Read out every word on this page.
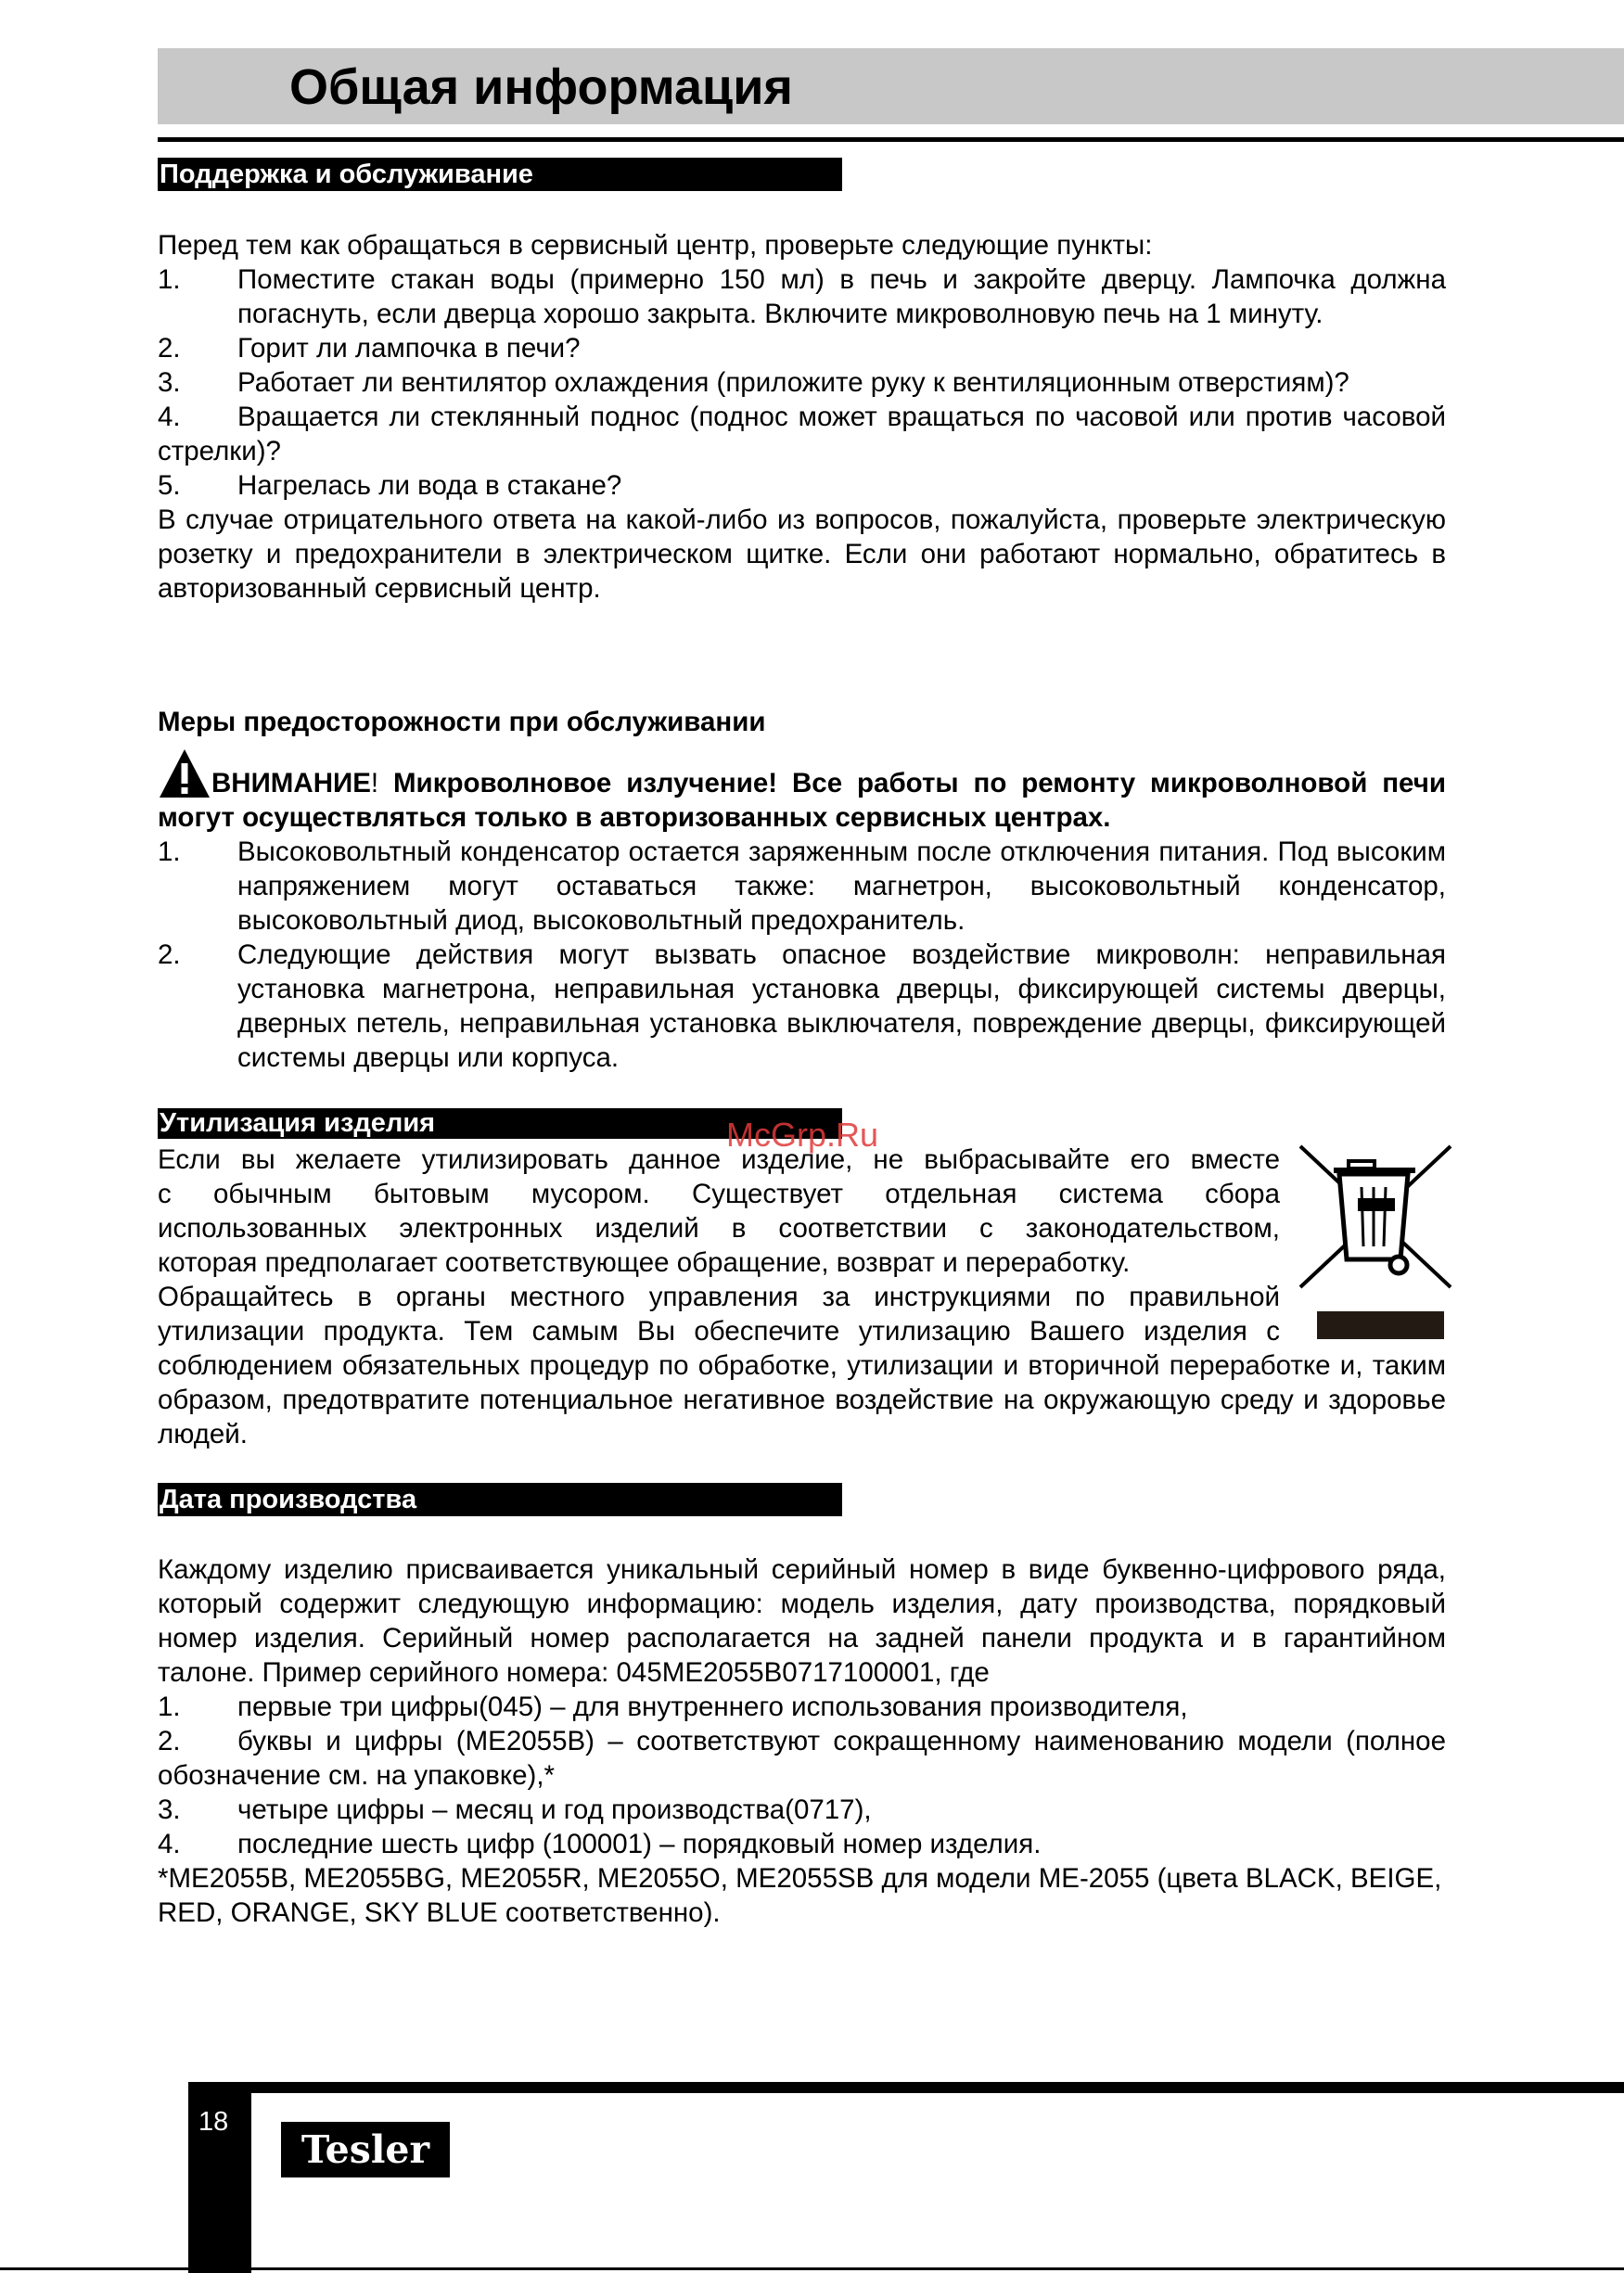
Общая информация
Поддержка и обслуживание

Перед тем как обращаться в сервисный центр, проверьте следующие пункты:

1.	Поместите стакан воды (примерно 150 мл) в печь и закройте дверцу. Лампочка должна погаснуть, если дверца хорошо закрыта. Включите микроволновую печь на 1 минуту.
2.	Горит ли лампочка в печи?
3.	Работает ли вентилятор охлаждения (приложите руку к вентиляционным отверстиям)?
4. Вращается ли стеклянный поднос (поднос может вращаться по часовой или против часовой стрелки)?
5.	Нагрелась ли вода в стакане?

В случае отрицательного ответа на какой-либо из вопросов, пожалуйста, проверьте электрическую розетку и предохранители в электрическом щитке. Если они работают нормально, обратитесь в авторизованный сервисный центр.

Меры предосторожности при обслуживании

ВНИМАНИЕ! Микроволновое излучение! Все работы по ремонту микроволновой печи могут осуществляться только в авторизованных сервисных центрах.

1.	Высоковольтный конденсатор остается заряженным после отключения питания. Под высоким напряжением могут оставаться также: магнетрон, высоковольтный конденсатор, высоковольтный диод, высоковольтный предохранитель.
2.	Следующие действия могут вызвать опасное воздействие микроволн: неправильная установка магнетрона, неправильная установка дверцы, фиксирующей системы дверцы, дверных петель, неправильная установка выключателя, повреждение дверцы, фиксирующей системы дверцы или корпуса.
Утилизация изделия	McGrp.Ru

Если вы желаете утилизировать данное изделие, не выбрасывайте его вместе

с обычным бытовым мусором. Существует отдельная система сбора

использованных электронных изделий в соответствии с законодательством,

которая предполагает соответствующее обращение, возврат и переработку.

Обращайтесь в органы местного управления за инструкциями по правильной

утилизации продукта. Тем самым Вы обеспечите утилизацию Вашего изделия с

соблюдением обязательных процедур по обработке, утилизации и вторичной переработке и, таким образом, предотвратите потенциальное негативное воздействие на окружающую среду и здоровье людей.

Дата производства

Каждому изделию присваивается уникальный серийный номер в виде буквенно-цифрового ряда, который содержит следующую информацию: модель изделия, дату производства, порядковый номер изделия. Серийный номер располагается на задней панели продукта и в гарантийном талоне. Пример серийного номера: 045ME2055B0717100001, где

1.	первые три цифры(045) – для внутреннего использования производителя,
2. буквы и цифры (ME2055B) – соответствуют сокращенному наименованию модели (полное обозначение см. на упаковке),*
3.	четыре цифры – месяц и год производства(0717),
4.	последние шесть цифр (100001) – порядковый номер изделия.

*ME2055B, ME2055BG, ME2055R, ME2055O, ME2055SB для модели ME-2055 (цвета BLACK, BEIGE, RED, ORANGE, SKY BLUE соответственно).

18
Tesler
